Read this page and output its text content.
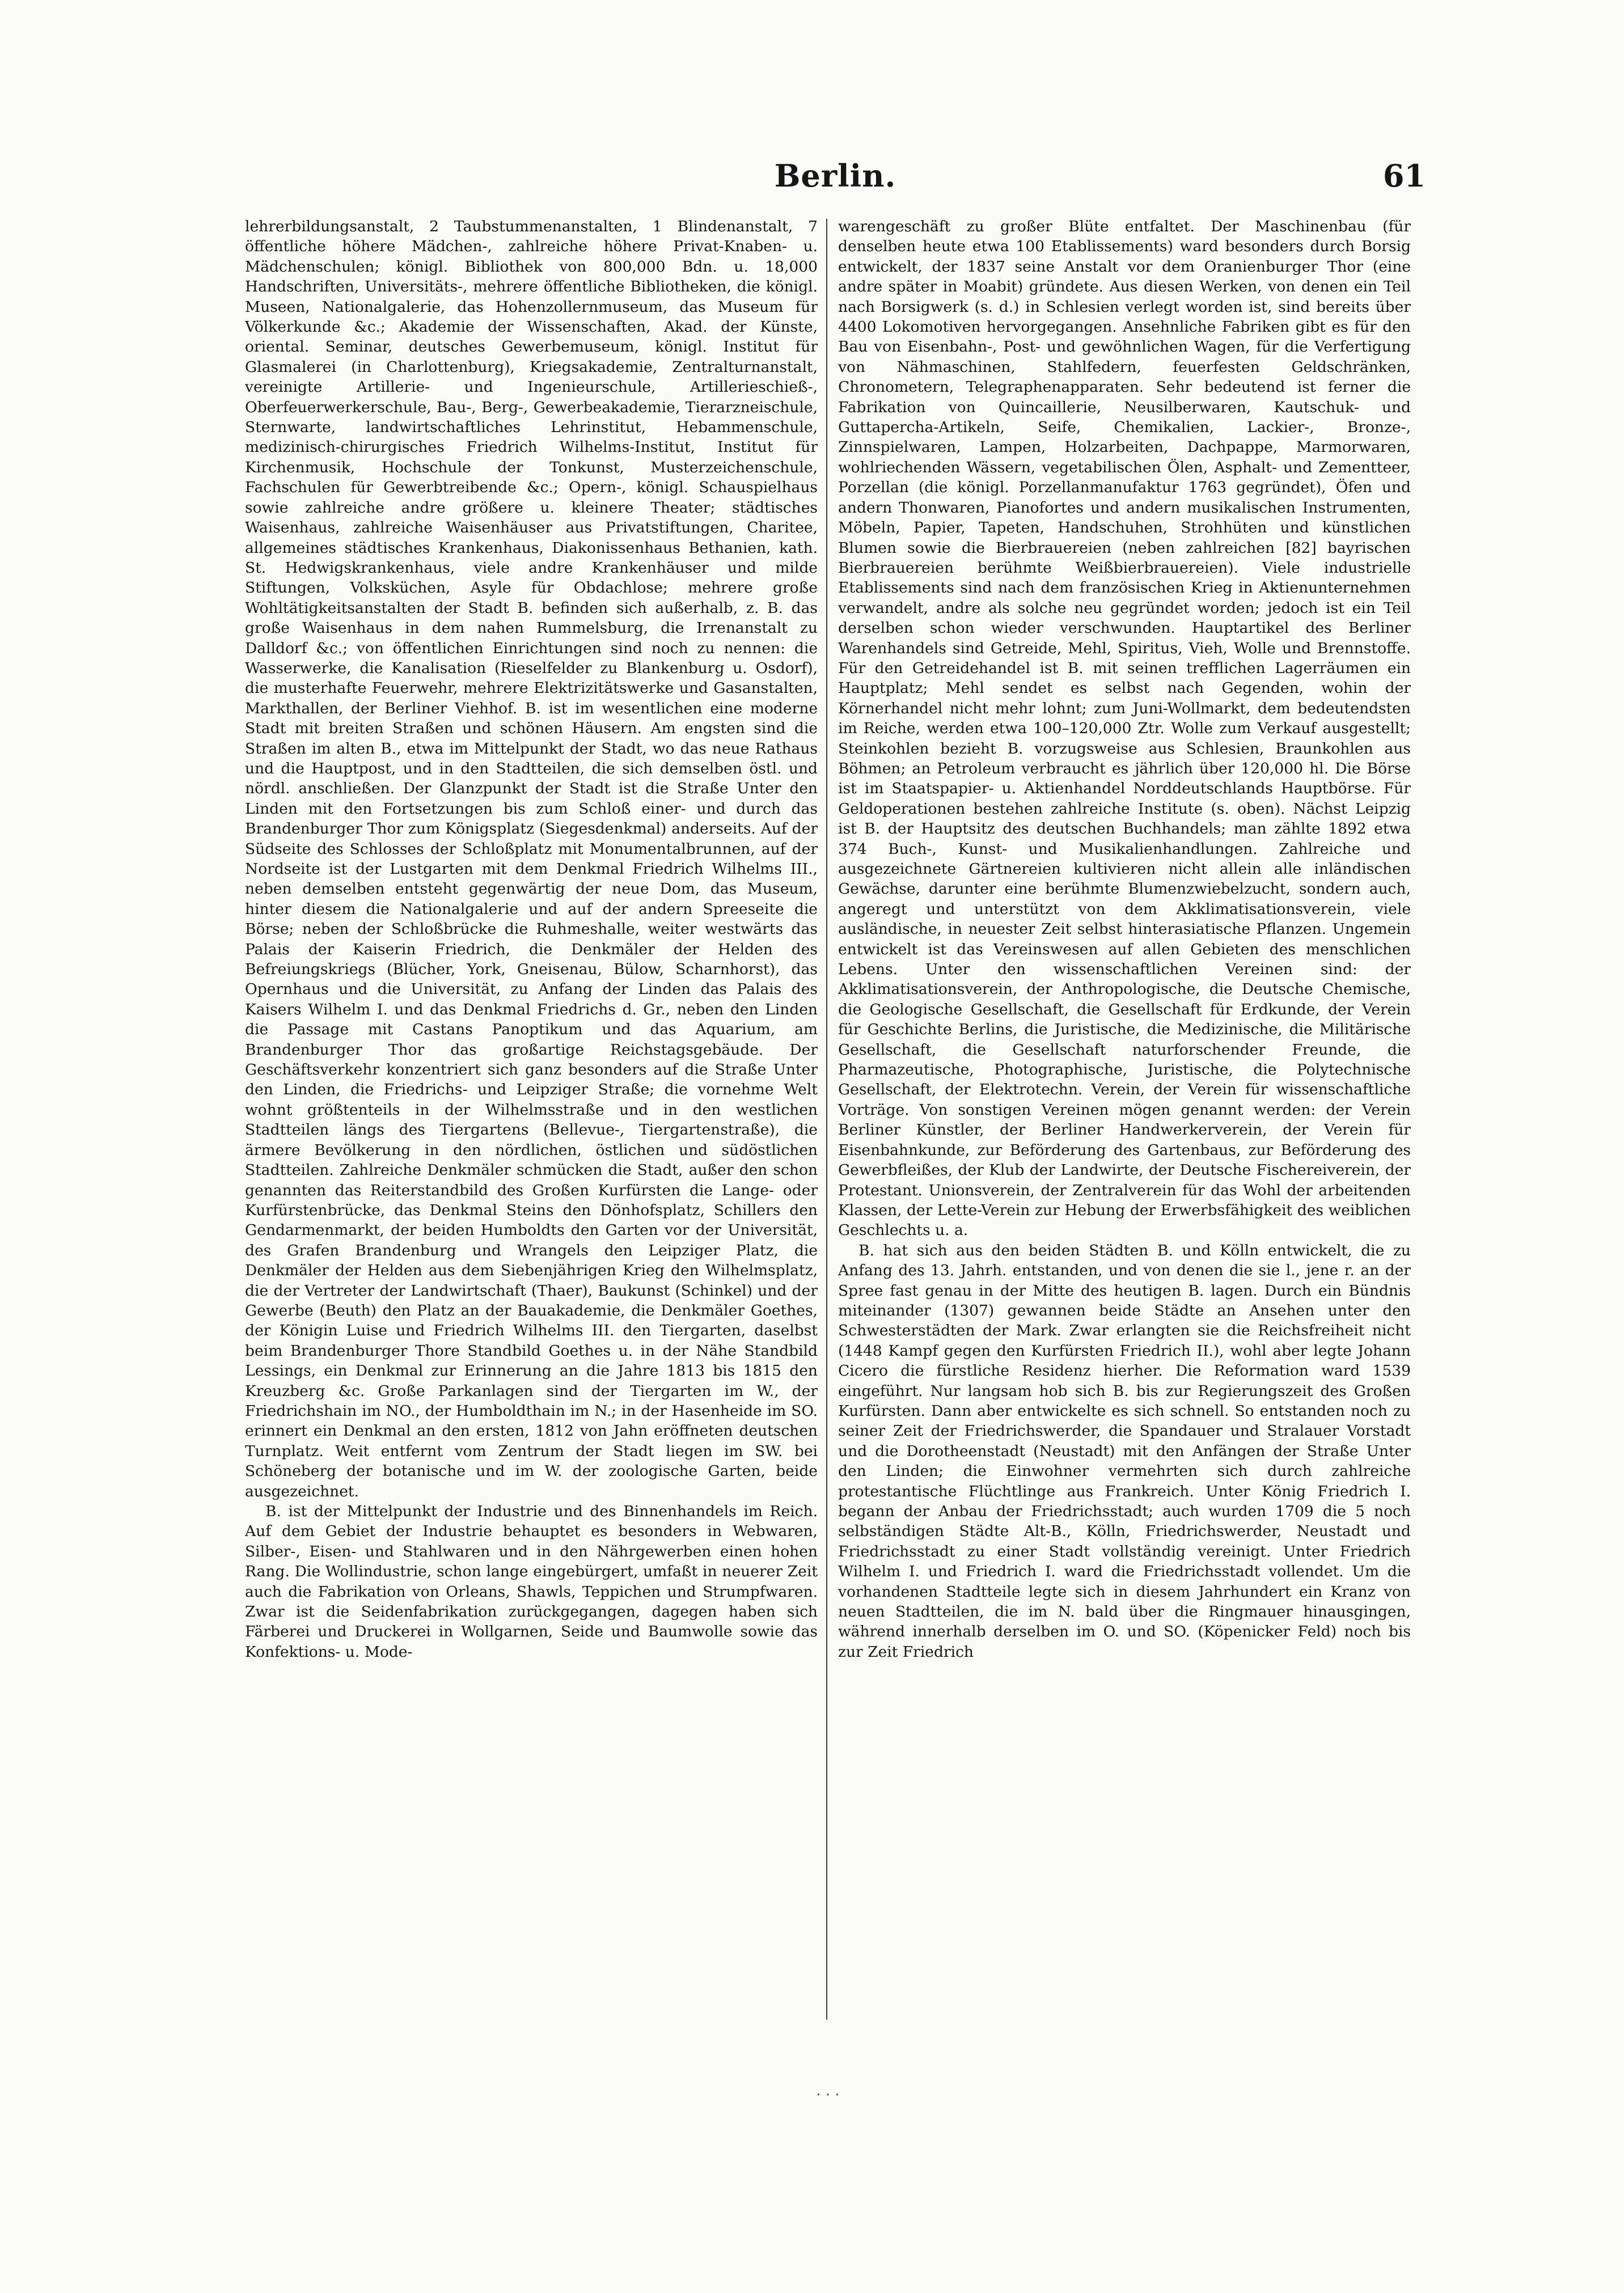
Berlin.	61

lehrerbildungsanstalt, 2 Taubstummenanstalten, 1 Blindenanstalt, 7 öffentliche höhere Mädchen-, zahlreiche höhere Privat-Knaben- u. Mädchenschulen; königl. Bibliothek von 800,000 Bdn. u. 18,000 Handschriften, Universitäts-, mehrere öffentliche Bibliotheken, die königl. Museen, Nationalgalerie, das Hohenzollernmuseum, das Museum für Völkerkunde &c.; Akademie der Wissenschaften, Akad. der Künste, oriental. Seminar, deutsches Gewerbemuseum, königl. Institut für Glasmalerei (in Charlottenburg), Kriegsakademie, Zentralturnanstalt, vereinigte Artillerie- und Ingenieurschule, Artillerieschieß-, Oberfeuerwerkerschule, Bau-, Berg-, Gewerbeakademie, Tierarzneischule, Sternwarte, landwirtschaftliches Lehrinstitut, Hebammenschule, medizinisch-chirurgisches Friedrich Wilhelms-Institut, Institut für Kirchenmusik, Hochschule der Tonkunst, Musterzeichenschule, Fachschulen für Gewerbtreibende &c.; Opern-, königl. Schauspielhaus sowie zahlreiche andre größere u. kleinere Theater; städtisches Waisenhaus, zahlreiche Waisenhäuser aus Privatstiftungen, Charitee, allgemeines städtisches Krankenhaus, Diakonissenhaus Bethanien, kath. St. Hedwigskrankenhaus, viele andre Krankenhäuser und milde Stiftungen, Volksküchen, Asyle für Obdachlose; mehrere große Wohltätigkeitsanstalten der Stadt B. befinden sich außerhalb, z. B. das große Waisenhaus in dem nahen Rummelsburg, die Irrenanstalt zu Dalldorf &c.; von öffentlichen Einrichtungen sind noch zu nennen: die Wasserwerke, die Kanalisation (Rieselfelder zu Blankenburg u. Osdorf), die musterhafte Feuerwehr, mehrere Elektrizitätswerke und Gasanstalten, Markthallen, der Berliner Viehhof. B. ist im wesentlichen eine moderne Stadt mit breiten Straßen und schönen Häusern. Am engsten sind die Straßen im alten B., etwa im Mittelpunkt der Stadt, wo das neue Rathaus und die Hauptpost, und in den Stadtteilen, die sich demselben östl. und nördl. anschließen. Der Glanzpunkt der Stadt ist die Straße Unter den Linden mit den Fortsetzungen bis zum Schloß einer- und durch das Brandenburger Thor zum Königsplatz (Siegesdenkmal) anderseits. Auf der Südseite des Schlosses der Schloßplatz mit Monumentalbrunnen, auf der Nordseite ist der Lustgarten mit dem Denkmal Friedrich Wilhelms III., neben demselben entsteht gegenwärtig der neue Dom, das Museum, hinter diesem die Nationalgalerie und auf der andern Spreeseite die Börse; neben der Schloßbrücke die Ruhmeshalle, weiter westwärts das Palais der Kaiserin Friedrich, die Denkmäler der Helden des Befreiungskriegs (Blücher, York, Gneisenau, Bülow, Scharnhorst), das Opernhaus und die Universität, zu Anfang der Linden das Palais des Kaisers Wilhelm I. und das Denkmal Friedrichs d. Gr., neben den Linden die Passage mit Castans Panoptikum und das Aquarium, am Brandenburger Thor das großartige Reichstagsgebäude. Der Geschäftsverkehr konzentriert sich ganz besonders auf die Straße Unter den Linden, die Friedrichs- und Leipziger Straße; die vornehme Welt wohnt größtenteils in der Wilhelmsstraße und in den westlichen Stadtteilen längs des Tiergartens (Bellevue-, Tiergartenstraße), die ärmere Bevölkerung in den nördlichen, östlichen und südöstlichen Stadtteilen. Zahlreiche Denkmäler schmücken die Stadt, außer den schon genannten das Reiterstandbild des Großen Kurfürsten die Lange- oder Kurfürstenbrücke, das Denkmal Steins den Dönhofsplatz, Schillers den Gendarmenmarkt, der beiden Humboldts den Garten vor der Universität, des Grafen Brandenburg und Wrangels den Leipziger Platz, die Denkmäler der Helden aus dem Siebenjährigen Krieg den Wilhelmsplatz, die der Vertreter der Landwirtschaft (Thaer), Baukunst (Schinkel) und der Gewerbe (Beuth) den Platz an der Bauakademie, die Denkmäler Goethes, der Königin Luise und Friedrich Wilhelms III. den Tiergarten, daselbst beim Brandenburger Thore Standbild Goethes u. in der Nähe Standbild Lessings, ein Denkmal zur Erinnerung an die Jahre 1813 bis 1815 den Kreuzberg &c. Große Parkanlagen sind der Tiergarten im W., der Friedrichshain im NO., der Humboldthain im N.; in der Hasenheide im SO. erinnert ein Denkmal an den ersten, 1812 von Jahn eröffneten deutschen Turnplatz. Weit entfernt vom Zentrum der Stadt liegen im SW. bei Schöneberg der botanische und im W. der zoologische Garten, beide ausgezeichnet.

B. ist der Mittelpunkt der Industrie und des Binnenhandels im Reich. Auf dem Gebiet der Industrie behauptet es besonders in Webwaren, Silber-, Eisen- und Stahlwaren und in den Nährgewerben einen hohen Rang. Die Wollindustrie, schon lange eingebürgert, umfaßt in neuerer Zeit auch die Fabrikation von Orleans, Shawls, Teppichen und Strumpfwaren. Zwar ist die Seidenfabrikation zurückgegangen, dagegen haben sich Färberei und Druckerei in Wollgarnen, Seide und Baumwolle sowie das Konfektions- u. Mode-

warengeschäft zu großer Blüte entfaltet. Der Maschinenbau (für denselben heute etwa 100 Etablissements) ward besonders durch Borsig entwickelt, der 1837 seine Anstalt vor dem Oranienburger Thor (eine andre später in Moabit) gründete. Aus diesen Werken, von denen ein Teil nach Borsigwerk (s. d.) in Schlesien verlegt worden ist, sind bereits über 4400 Lokomotiven hervorgegangen. Ansehnliche Fabriken gibt es für den Bau von Eisenbahn-, Post- und gewöhnlichen Wagen, für die Verfertigung von Nähmaschinen, Stahlfedern, feuerfesten Geldschränken, Chronometern, Telegraphenapparaten. Sehr bedeutend ist ferner die Fabrikation von Quincaillerie, Neusilberwaren, Kautschuk- und Guttapercha-Artikeln, Seife, Chemikalien, Lackier-, Bronze-, Zinnspielwaren, Lampen, Holzarbeiten, Dachpappe, Marmorwaren, wohlriechenden Wässern, vegetabilischen Ölen, Asphalt- und Zementteer, Porzellan (die königl. Porzellanmanufaktur 1763 gegründet), Öfen und andern Thonwaren, Pianofortes und andern musikalischen Instrumenten, Möbeln, Papier, Tapeten, Handschuhen, Strohhüten und künstlichen Blumen sowie die Bierbrauereien (neben zahlreichen [82] bayrischen Bierbrauereien berühmte Weißbierbrauereien). Viele industrielle Etablissements sind nach dem französischen Krieg in Aktienunternehmen verwandelt, andre als solche neu gegründet worden; jedoch ist ein Teil derselben schon wieder verschwunden. Hauptartikel des Berliner Warenhandels sind Getreide, Mehl, Spiritus, Vieh, Wolle und Brennstoffe. Für den Getreidehandel ist B. mit seinen trefflichen Lagerräumen ein Hauptplatz; Mehl sendet es selbst nach Gegenden, wohin der Körnerhandel nicht mehr lohnt; zum Juni-Wollmarkt, dem bedeutendsten im Reiche, werden etwa 100–120,000 Ztr. Wolle zum Verkauf ausgestellt; Steinkohlen bezieht B. vorzugsweise aus Schlesien, Braunkohlen aus Böhmen; an Petroleum verbraucht es jährlich über 120,000 hl. Die Börse ist im Staatspapier- u. Aktienhandel Norddeutschlands Hauptbörse. Für Geldoperationen bestehen zahlreiche Institute (s. oben). Nächst Leipzig ist B. der Hauptsitz des deutschen Buchhandels; man zählte 1892 etwa 374 Buch-, Kunst- und Musikalienhandlungen. Zahlreiche und ausgezeichnete Gärtnereien kultivieren nicht allein alle inländischen Gewächse, darunter eine berühmte Blumenzwiebelzucht, sondern auch, angeregt und unterstützt von dem Akklimatisationsverein, viele ausländische, in neuester Zeit selbst hinterasiatische Pflanzen. Ungemein entwickelt ist das Vereinswesen auf allen Gebieten des menschlichen Lebens. Unter den wissenschaftlichen Vereinen sind: der Akklimatisationsverein, der Anthropologische, die Deutsche Chemische, die Geologische Gesellschaft, die Gesellschaft für Erdkunde, der Verein für Geschichte Berlins, die Juristische, die Medizinische, die Militärische Gesellschaft, die Gesellschaft naturforschender Freunde, die Pharmazeutische, Photographische, Juristische, die Polytechnische Gesellschaft, der Elektrotechn. Verein, der Verein für wissenschaftliche Vorträge. Von sonstigen Vereinen mögen genannt werden: der Verein Berliner Künstler, der Berliner Handwerkerverein, der Verein für Eisenbahnkunde, zur Beförderung des Gartenbaus, zur Beförderung des Gewerbfleißes, der Klub der Landwirte, der Deutsche Fischereiverein, der Protestant. Unionsverein, der Zentralverein für das Wohl der arbeitenden Klassen, der Lette-Verein zur Hebung der Erwerbsfähigkeit des weiblichen Geschlechts u. a.

B. hat sich aus den beiden Städten B. und Kölln entwickelt, die zu Anfang des 13. Jahrh. entstanden, und von denen die sie l., jene r. an der Spree fast genau in der Mitte des heutigen B. lagen. Durch ein Bündnis miteinander (1307) gewannen beide Städte an Ansehen unter den Schwesterstädten der Mark. Zwar erlangten sie die Reichsfreiheit nicht (1448 Kampf gegen den Kurfürsten Friedrich II.), wohl aber legte Johann Cicero die fürstliche Residenz hierher. Die Reformation ward 1539 eingeführt. Nur langsam hob sich B. bis zur Regierungszeit des Großen Kurfürsten. Dann aber entwickelte es sich schnell. So entstanden noch zu seiner Zeit der Friedrichswerder, die Spandauer und Stralauer Vorstadt und die Dorotheenstadt (Neustadt) mit den Anfängen der Straße Unter den Linden; die Einwohner vermehrten sich durch zahlreiche protestantische Flüchtlinge aus Frankreich. Unter König Friedrich I. begann der Anbau der Friedrichsstadt; auch wurden 1709 die 5 noch selbständigen Städte Alt-B., Kölln, Friedrichswerder, Neustadt und Friedrichsstadt zu einer Stadt vollständig vereinigt. Unter Friedrich Wilhelm I. und Friedrich I. ward die Friedrichsstadt vollendet. Um die vorhandenen Stadtteile legte sich in diesem Jahrhundert ein Kranz von neuen Stadtteilen, die im N. bald über die Ringmauer hinausgingen, während innerhalb derselben im O. und SO. (Köpenicker Feld) noch bis zur Zeit Friedrich

· · ·
